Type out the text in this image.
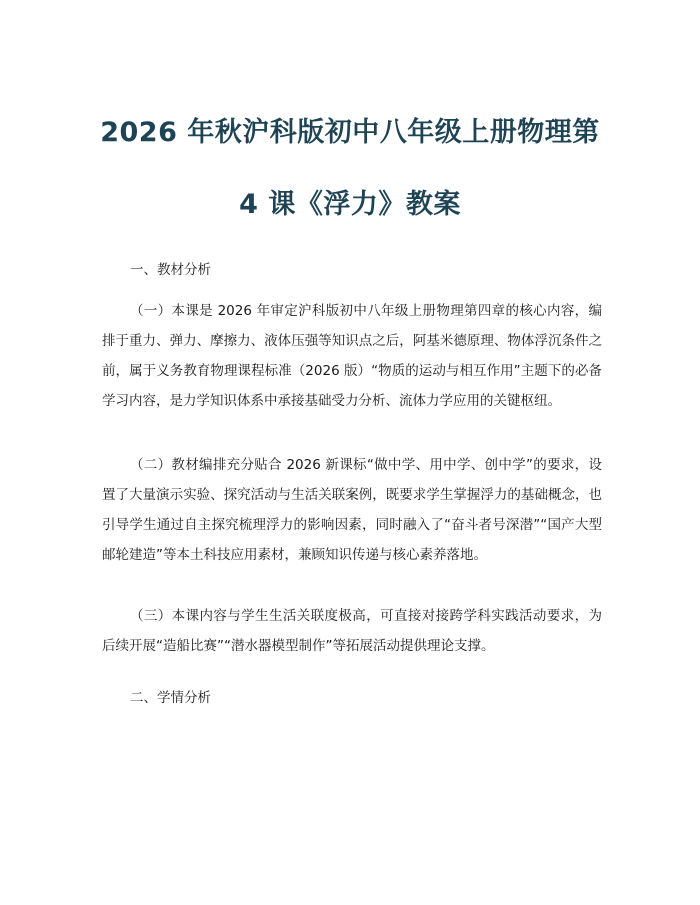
2026 年秋沪科版初中八年级上册物理第
4 课《浮力》教案
一、教材分析
（一）本课是 2026 年审定沪科版初中八年级上册物理第四章的核心内容，编排于重力、弹力、摩擦力、液体压强等知识点之后，阿基米德原理、物体浮沉条件之前，属于义务教育物理课程标准（2026 版）“物质的运动与相互作用”主题下的必备学习内容，是力学知识体系中承接基础受力分析、流体力学应用的关键枢纽。
（二）教材编排充分贴合 2026 新课标“做中学、用中学、创中学”的要求，设置了大量演示实验、探究活动与生活关联案例，既要求学生掌握浮力的基础概念，也引导学生通过自主探究梳理浮力的影响因素，同时融入了“奋斗者号深潜”“国产大型邮轮建造”等本土科技应用素材，兼顾知识传递与核心素养落地。
（三）本课内容与学生生活关联度极高，可直接对接跨学科实践活动要求，为后续开展“造船比赛”“潜水器模型制作”等拓展活动提供理论支撑。
二、学情分析
